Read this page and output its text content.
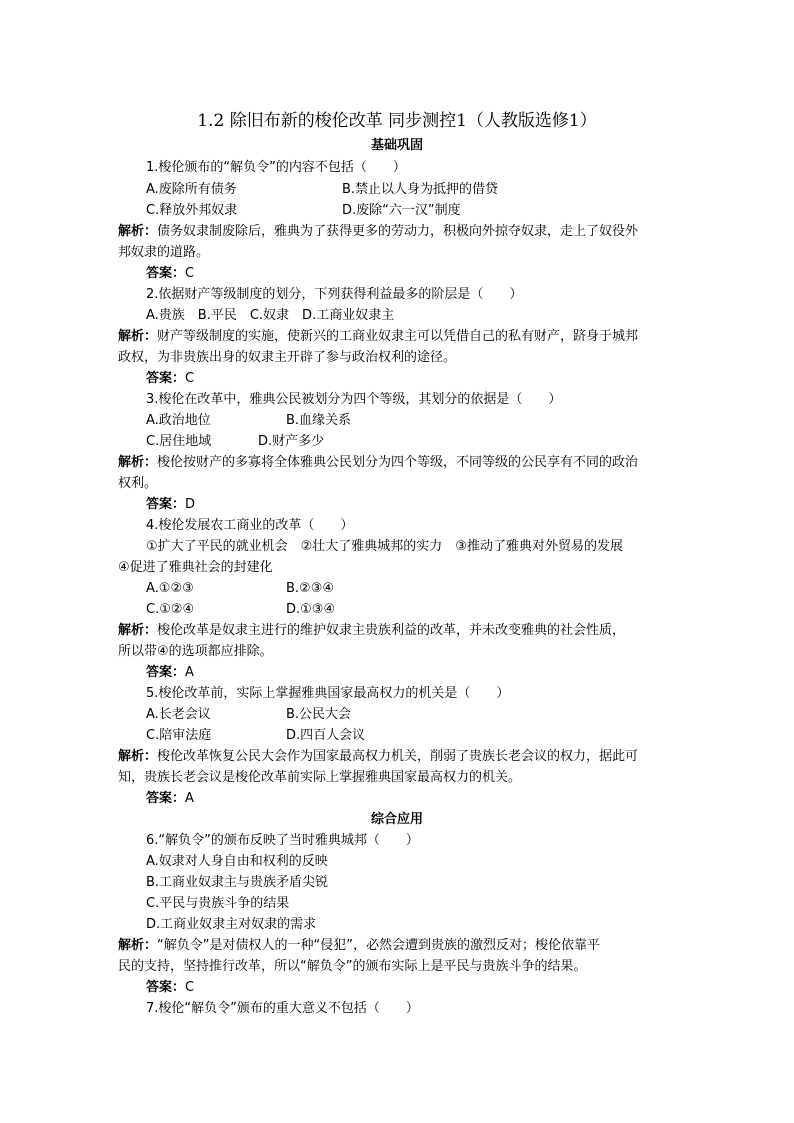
1.2 除旧布新的梭伦改革 同步测控1（人教版选修1）
基础巩固
1.梭伦颁布的“解负令”的内容不包括（　　）
A.废除所有债务	B.禁止以人身为抵押的借贷
C.释放外邦奴隶	D.废除“六一汉”制度
解析：债务奴隶制废除后，雅典为了获得更多的劳动力，积极向外掠夺奴隶，走上了奴役外
邦奴隶的道路。
答案：C
2.依据财产等级制度的划分，下列获得利益最多的阶层是（　　）
A.贵族　B.平民　C.奴隶　D.工商业奴隶主
解析：财产等级制度的实施，使新兴的工商业奴隶主可以凭借自己的私有财产，跻身于城邦
政权，为非贵族出身的奴隶主开辟了参与政治权利的途径。
答案：C
3.梭伦在改革中，雅典公民被划分为四个等级，其划分的依据是（　　）
A.政治地位	B.血缘关系
C.居住地域	D.财产多少
解析：梭伦按财产的多寡将全体雅典公民划分为四个等级，不同等级的公民享有不同的政治
权利。
答案：D
4.梭伦发展农工商业的改革（　　）
①扩大了平民的就业机会　②壮大了雅典城邦的实力　③推动了雅典对外贸易的发展
④促进了雅典社会的封建化
A.①②③	B.②③④
C.①②④	D.①③④
解析：梭伦改革是奴隶主进行的维护奴隶主贵族利益的改革，并未改变雅典的社会性质，
所以带④的选项都应排除。
答案：A
5.梭伦改革前，实际上掌握雅典国家最高权力的机关是（　　）
A.长老会议	B.公民大会
C.陪审法庭	D.四百人会议
解析：梭伦改革恢复公民大会作为国家最高权力机关，削弱了贵族长老会议的权力，据此可
知，贵族长老会议是梭伦改革前实际上掌握雅典国家最高权力的机关。
答案：A
综合应用
6.“解负令”的颁布反映了当时雅典城邦（　　）
A.奴隶对人身自由和权利的反映
B.工商业奴隶主与贵族矛盾尖锐
C.平民与贵族斗争的结果
D.工商业奴隶主对奴隶的需求
解析：“解负令”是对债权人的一种“侵犯”，必然会遭到贵族的激烈反对；梭伦依靠平
民的支持，坚持推行改革，所以“解负令”的颁布实际上是平民与贵族斗争的结果。
答案：C
7.梭伦“解负令”颁布的重大意义不包括（　　）
